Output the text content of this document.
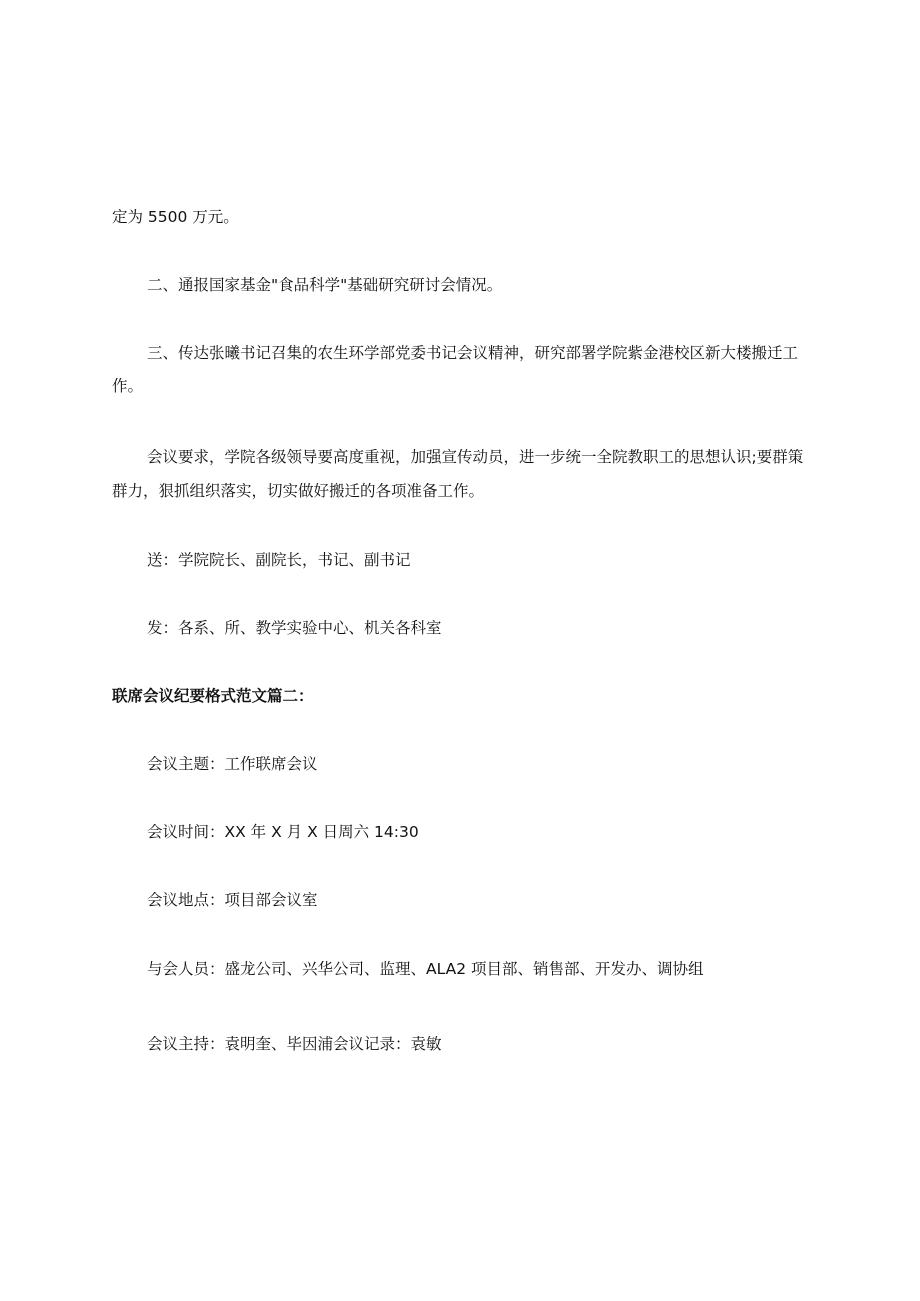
定为 5500 万元。
二、通报国家基金"食品科学"基础研究研讨会情况。
三、传达张曦书记召集的农生环学部党委书记会议精神，研究部署学院紫金港校区新大楼搬迁工
作。
会议要求，学院各级领导要高度重视，加强宣传动员，进一步统一全院教职工的思想认识;要群策
群力，狠抓组织落实，切实做好搬迁的各项准备工作。
送：学院院长、副院长，书记、副书记
发：各系、所、教学实验中心、机关各科室
联席会议纪要格式范文篇二：
会议主题：工作联席会议
会议时间：XX 年 X 月 X 日周六 14:30
会议地点：项目部会议室
与会人员：盛龙公司、兴华公司、监理、ALA2 项目部、销售部、开发办、调协组
会议主持：袁明奎、毕因浦会议记录：袁敏
